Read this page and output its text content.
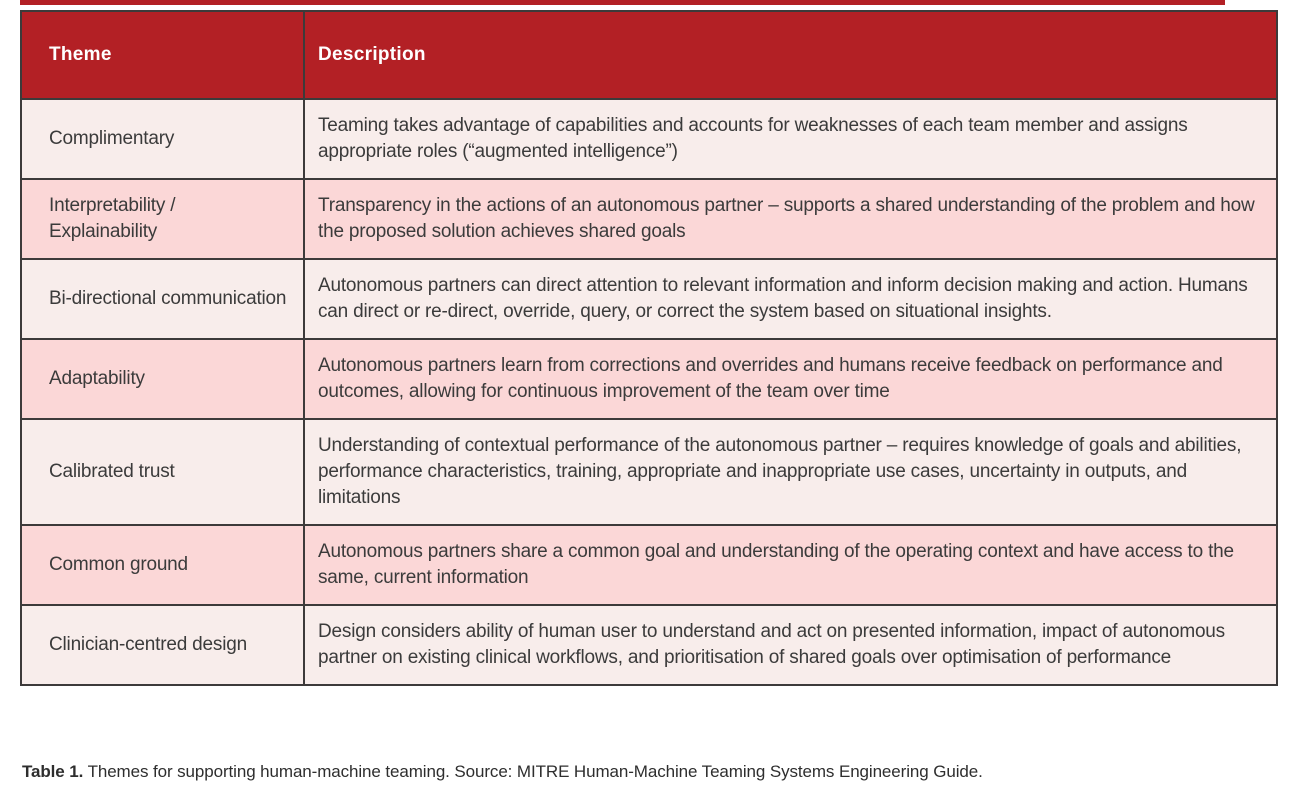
Theme	Description
Complimentary	Teaming takes advantage of capabilities and accounts for weaknesses of each team member and assigns appropriate roles (“augmented intelligence”)
Interpretability / Explainability	Transparency in the actions of an autonomous partner – supports a shared understanding of the problem and how the proposed solution achieves shared goals
Bi-directional communication	Autonomous partners can direct attention to relevant information and inform decision making and action. Humans can direct or re-direct, override, query, or correct the system based on situational insights.
Adaptability	Autonomous partners learn from corrections and overrides and humans receive feedback on performance and outcomes, allowing for continuous improvement of the team over time
Calibrated trust	Understanding of contextual performance of the autonomous partner – requires knowledge of goals and abilities, performance characteristics, training, appropriate and inappropriate use cases, uncertainty in outputs, and limitations
Common ground	Autonomous partners share a common goal and understanding of the operating context and have access to the same, current information
Clinician-centred design	Design considers ability of human user to understand and act on presented information, impact of autonomous partner on existing clinical workflows, and prioritisation of shared goals over optimisation of performance

Table 1. Themes for supporting human-machine teaming. Source: MITRE Human-Machine Teaming Systems Engineering Guide.
